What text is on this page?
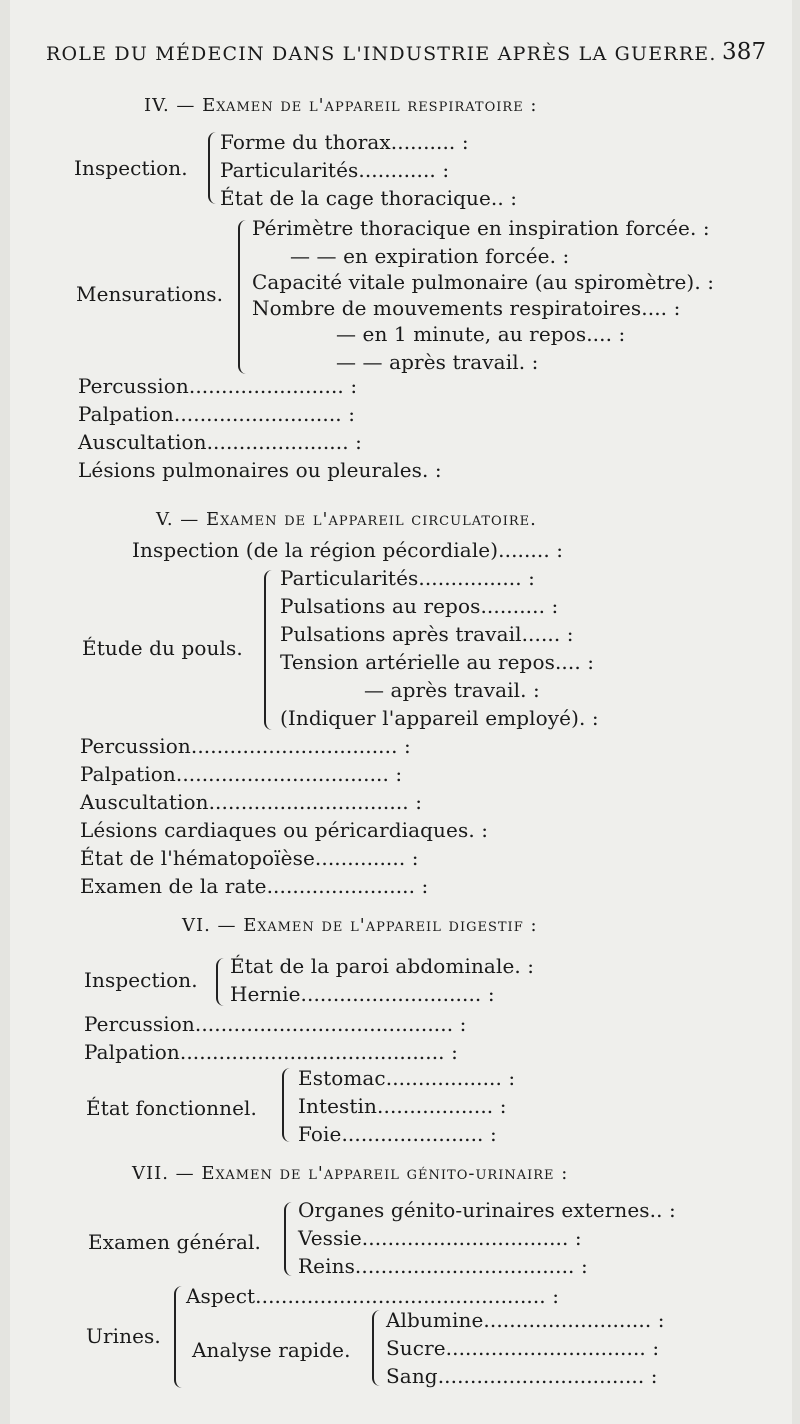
ROLE DU MÉDECIN DANS L'INDUSTRIE APRÈS LA GUERRE. 387
IV. — Examen de l'appareil respiratoire :
Inspection.
Forme du thorax.......... :
Particularités............ :
État de la cage thoracique.. :
Mensurations.
Périmètre thoracique en inspiration forcée. :
— — en expiration forcée. :
Capacité vitale pulmonaire (au spiromètre). :
Nombre de mouvements respiratoires.... :
— en 1 minute, au repos.... :
— — après travail. :
Percussion........................ :
Palpation.......................... :
Auscultation...................... :
Lésions pulmonaires ou pleurales. :
V. — Examen de l'appareil circulatoire.
Inspection (de la région pécordiale)........ :
Étude du pouls.
Particularités................ :
Pulsations au repos.......... :
Pulsations après travail...... :
Tension artérielle au repos.... :
— après travail. :
(Indiquer l'appareil employé). :
Percussion................................ :
Palpation................................. :
Auscultation............................... :
Lésions cardiaques ou péricardiaques. :
État de l'hématopoïèse.............. :
Examen de la rate....................... :
VI. — Examen de l'appareil digestif :
Inspection.
État de la paroi abdominale. :
Hernie............................ :
Percussion........................................ :
Palpation......................................... :
État fonctionnel.
Estomac.................. :
Intestin.................. :
Foie...................... :
VII. — Examen de l'appareil génito-urinaire :
Examen général.
Organes génito-urinaires externes.. :
Vessie................................ :
Reins.................................. :
Urines.
Aspect............................................. :
Analyse rapide.
Albumine.......................... :
Sucre............................... :
Sang................................ :
